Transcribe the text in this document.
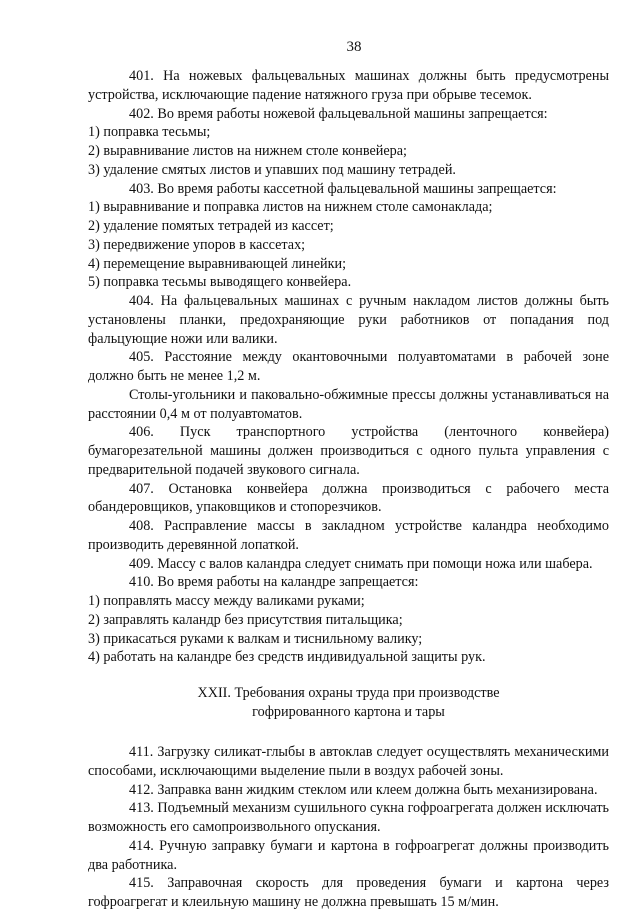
38

401. На ножевых фальцевальных машинах должны быть предусмотрены устройства, исключающие падение натяжного груза при обрыве тесемок.

402. Во время работы ножевой фальцевальной машины запрещается:

1) поправка тесьмы;

2) выравнивание листов на нижнем столе конвейера;

3) удаление смятых листов и упавших под машину тетрадей.

403. Во время работы кассетной фальцевальной машины запрещается:

1) выравнивание и поправка листов на нижнем столе самонаклада;

2) удаление помятых тетрадей из кассет;

3) передвижение упоров в кассетах;

4) перемещение выравнивающей линейки;

5) поправка тесьмы выводящего конвейера.

404. На фальцевальных машинах с ручным накладом листов должны быть установлены планки, предохраняющие руки работников от попадания под фальцующие ножи или валики.

405. Расстояние между окантовочными полуавтоматами в рабочей зоне должно быть не менее 1,2 м.

Столы-угольники и паковально-обжимные прессы должны устанавливаться на расстоянии 0,4 м от полуавтоматов.

406. Пуск транспортного устройства (ленточного конвейера) бумагорезательной машины должен производиться с одного пульта управления с предварительной подачей звукового сигнала.

407. Остановка конвейера должна производиться с рабочего места обандеровщиков, упаковщиков и стопорезчиков.

408. Расправление массы в закладном устройстве каландра необходимо производить деревянной лопаткой.

409. Массу с валов каландра следует снимать при помощи ножа или шабера.

410. Во время работы на каландре запрещается:

1) поправлять массу между валиками руками;

2) заправлять каландр без присутствия питальщика;

3) прикасаться руками к валкам и тиснильному валику;

4) работать на каландре без средств индивидуальной защиты рук.

XXII. Требования охраны труда при производстве
гофрированного картона и тары

411. Загрузку силикат-глыбы в автоклав следует осуществлять механическими способами, исключающими выделение пыли в воздух рабочей зоны.

412. Заправка ванн жидким стеклом или клеем должна быть механизирована.

413. Подъемный механизм сушильного сукна гофроагрегата должен исключать возможность его самопроизвольного опускания.

414. Ручную заправку бумаги и картона в гофроагрегат должны производить два работника.

415. Заправочная скорость для проведения бумаги и картона через гофроагрегат и клеильную машину не должна превышать 15 м/мин.
